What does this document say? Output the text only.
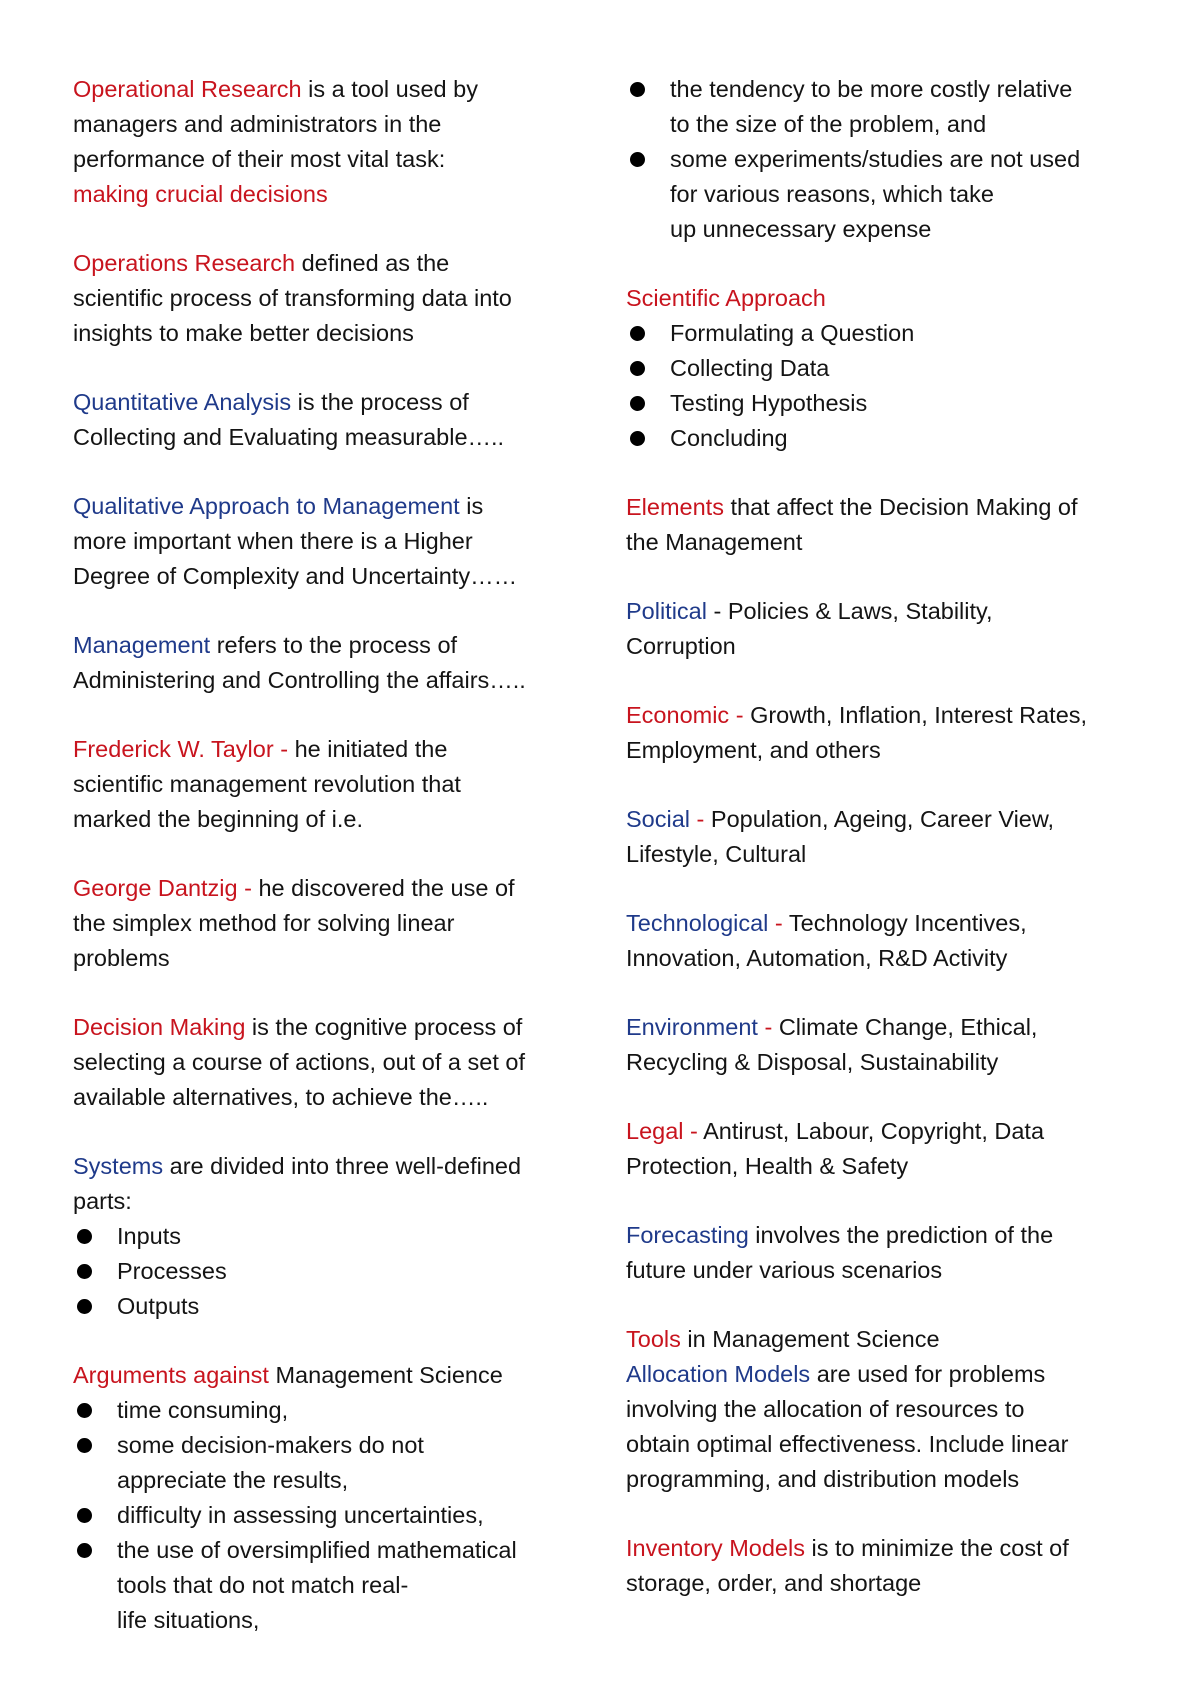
Operational Research is a tool used by
managers and administrators in the
performance of their most vital task:
making crucial decisions
Operations Research defined as the
scientific process of transforming data into
insights to make better decisions
Quantitative Analysis is the process of
Collecting and Evaluating measurable…..
Qualitative Approach to Management is
more important when there is a Higher
Degree of Complexity and Uncertainty……
Management refers to the process of
Administering and Controlling the affairs…..
Frederick W. Taylor - he initiated the
scientific management revolution that
marked the beginning of i.e.
George Dantzig - he discovered the use of
the simplex method for solving linear
problems
Decision Making is the cognitive process of
selecting a course of actions, out of a set of
available alternatives, to achieve the…..
Systems are divided into three well-defined
parts:
Inputs
Processes
Outputs
Arguments against Management Science
time consuming,
some decision-makers do not
appreciate the results,
difficulty in assessing uncertainties,
the use of oversimplified mathematical
tools that do not match real-
life situations,
the tendency to be more costly relative
to the size of the problem, and
some experiments/studies are not used
for various reasons, which take
up unnecessary expense
Scientific Approach
Formulating a Question
Collecting Data
Testing Hypothesis
Concluding
Elements that affect the Decision Making of
the Management
Political - Policies & Laws, Stability,
Corruption
Economic - Growth, Inflation, Interest Rates,
Employment, and others
Social - Population, Ageing, Career View,
Lifestyle, Cultural
Technological - Technology Incentives,
Innovation, Automation, R&D Activity
Environment - Climate Change, Ethical,
Recycling & Disposal, Sustainability
Legal - Antirust, Labour, Copyright, Data
Protection, Health & Safety
Forecasting involves the prediction of the
future under various scenarios
Tools in Management Science
Allocation Models are used for problems
involving the allocation of resources to
obtain optimal effectiveness. Include linear
programming, and distribution models
Inventory Models is to minimize the cost of
storage, order, and shortage
